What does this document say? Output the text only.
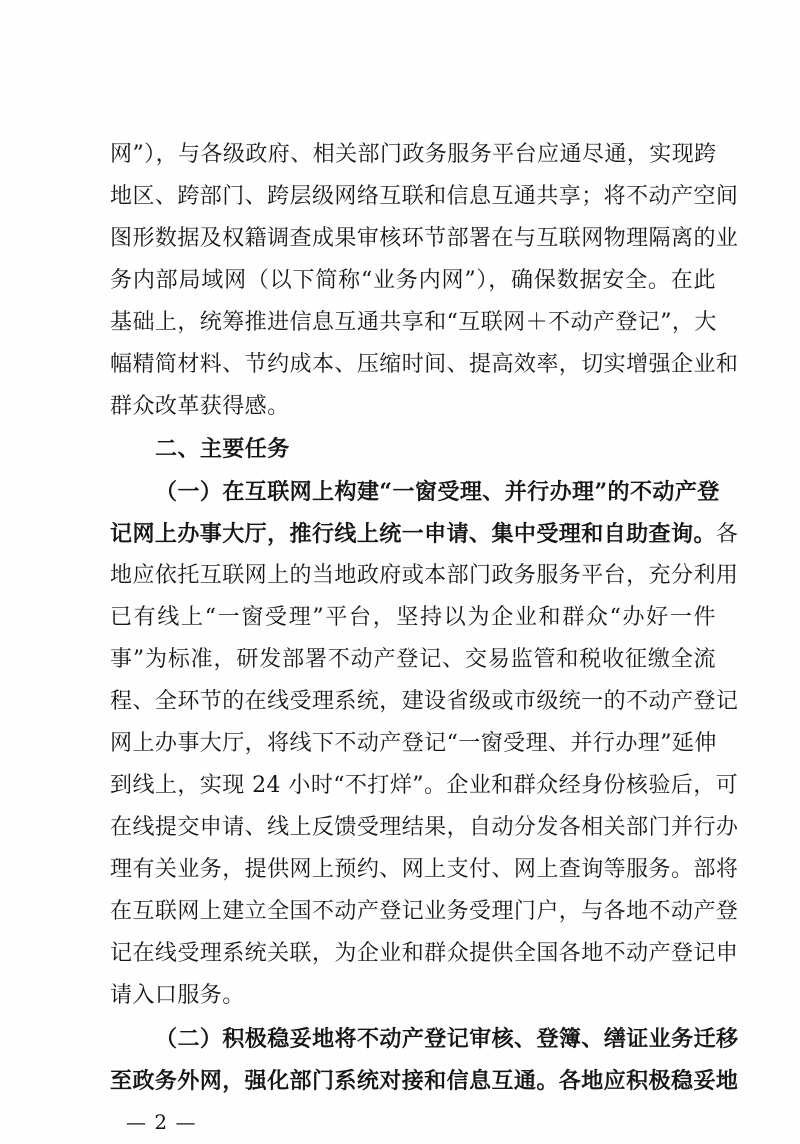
网”），与各级政府、相关部门政务服务平台应通尽通，实现跨
地区、跨部门、跨层级网络互联和信息互通共享；将不动产空间
图形数据及权籍调查成果审核环节部署在与互联网物理隔离的业
务内部局域网（以下简称“业务内网”），确保数据安全。在此
基础上，统筹推进信息互通共享和“互联网＋不动产登记”，大
幅精简材料、节约成本、压缩时间、提高效率，切实增强企业和
群众改革获得感。
二、主要任务
（一）在互联网上构建“一窗受理、并行办理”的不动产登
记网上办事大厅，推行线上统一申请、集中受理和自助查询。各
地应依托互联网上的当地政府或本部门政务服务平台，充分利用
已有线上“一窗受理”平台，坚持以为企业和群众“办好一件
事”为标准，研发部署不动产登记、交易监管和税收征缴全流
程、全环节的在线受理系统，建设省级或市级统一的不动产登记
网上办事大厅，将线下不动产登记“一窗受理、并行办理”延伸
到线上，实现 24 小时“不打烊”。企业和群众经身份核验后，可
在线提交申请、线上反馈受理结果，自动分发各相关部门并行办
理有关业务，提供网上预约、网上支付、网上查询等服务。部将
在互联网上建立全国不动产登记业务受理门户，与各地不动产登
记在线受理系统关联，为企业和群众提供全国各地不动产登记申
请入口服务。
（二）积极稳妥地将不动产登记审核、登簿、缮证业务迁移
至政务外网，强化部门系统对接和信息互通。各地应积极稳妥地
— 2 —
